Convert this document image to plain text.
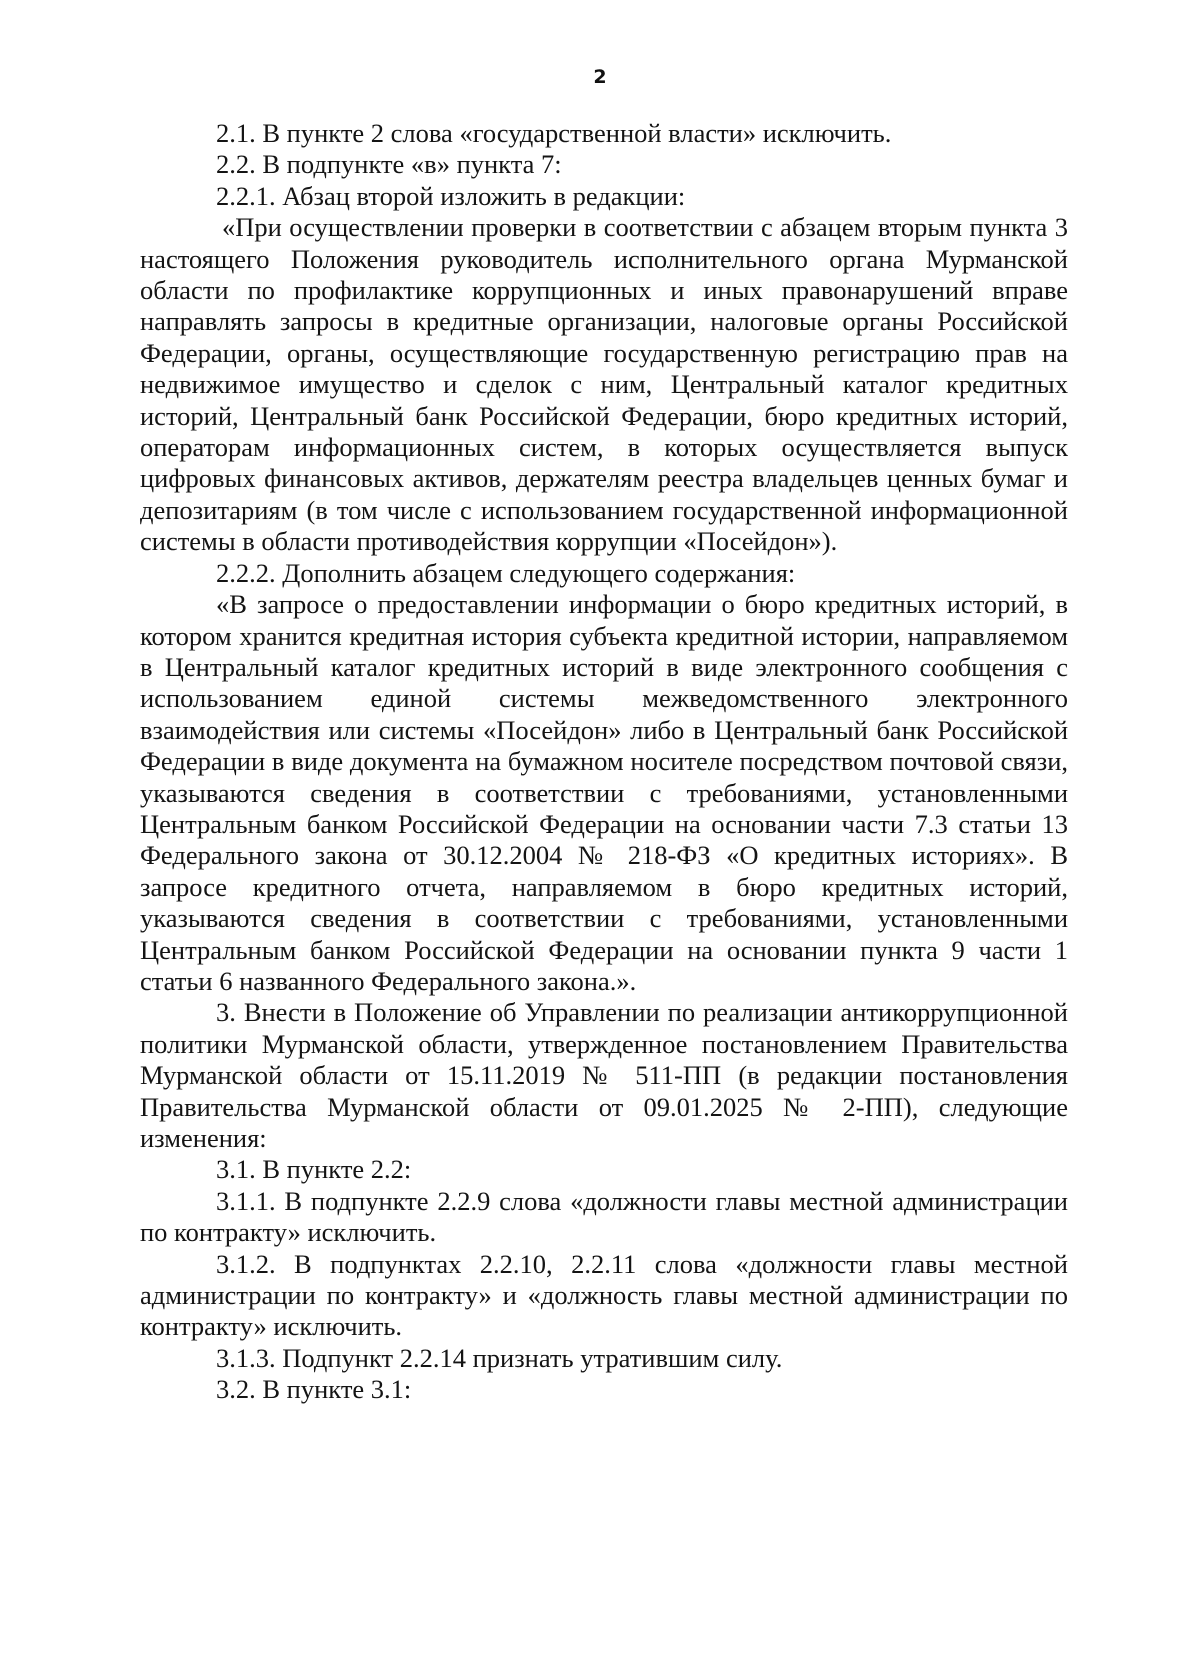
2

2.1. В пункте 2 слова «государственной власти» исключить.

2.2. В подпункте «в» пункта 7:

2.2.1. Абзац второй изложить в редакции:

«При осуществлении проверки в соответствии с абзацем вторым пункта 3 настоящего Положения руководитель исполнительного органа Мурманской области по профилактике коррупционных и иных правонарушений вправе направлять запросы в кредитные организации, налоговые органы Российской Федерации, органы, осуществляющие государственную регистрацию прав на недвижимое имущество и сделок с ним, Центральный каталог кредитных историй, Центральный банк Российской Федерации, бюро кредитных историй, операторам информационных систем, в которых осуществляется выпуск цифровых финансовых активов, держателям реестра владельцев ценных бумаг и депозитариям (в том числе с использованием государственной информационной системы в области противодействия коррупции «Посейдон»).

2.2.2. Дополнить абзацем следующего содержания:

«В запросе о предоставлении информации о бюро кредитных историй, в котором хранится кредитная история субъекта кредитной истории, направляемом в Центральный каталог кредитных историй в виде электронного сообщения с использованием единой системы межведомственного электронного взаимодействия или системы «Посейдон» либо в Центральный банк Российской Федерации в виде документа на бумажном носителе посредством почтовой связи, указываются сведения в соответствии с требованиями, установленными Центральным банком Российской Федерации на основании части 7.3 статьи 13 Федерального закона от 30.12.2004 № 218-ФЗ «О кредитных историях». В запросе кредитного отчета, направляемом в бюро кредитных историй, указываются сведения в соответствии с требованиями, установленными Центральным банком Российской Федерации на основании пункта 9 части 1 статьи 6 названного Федерального закона.».

3. Внести в Положение об Управлении по реализации антикоррупционной политики Мурманской области, утвержденное постановлением Правительства Мурманской области от 15.11.2019 № 511-ПП (в редакции постановления Правительства Мурманской области от 09.01.2025 № 2-ПП), следующие изменения:

3.1. В пункте 2.2:

3.1.1. В подпункте 2.2.9 слова «должности главы местной администрации по контракту» исключить.

3.1.2. В подпунктах 2.2.10, 2.2.11 слова «должности главы местной администрации по контракту» и «должность главы местной администрации по контракту» исключить.

3.1.3. Подпункт 2.2.14 признать утратившим силу.

3.2. В пункте 3.1:
